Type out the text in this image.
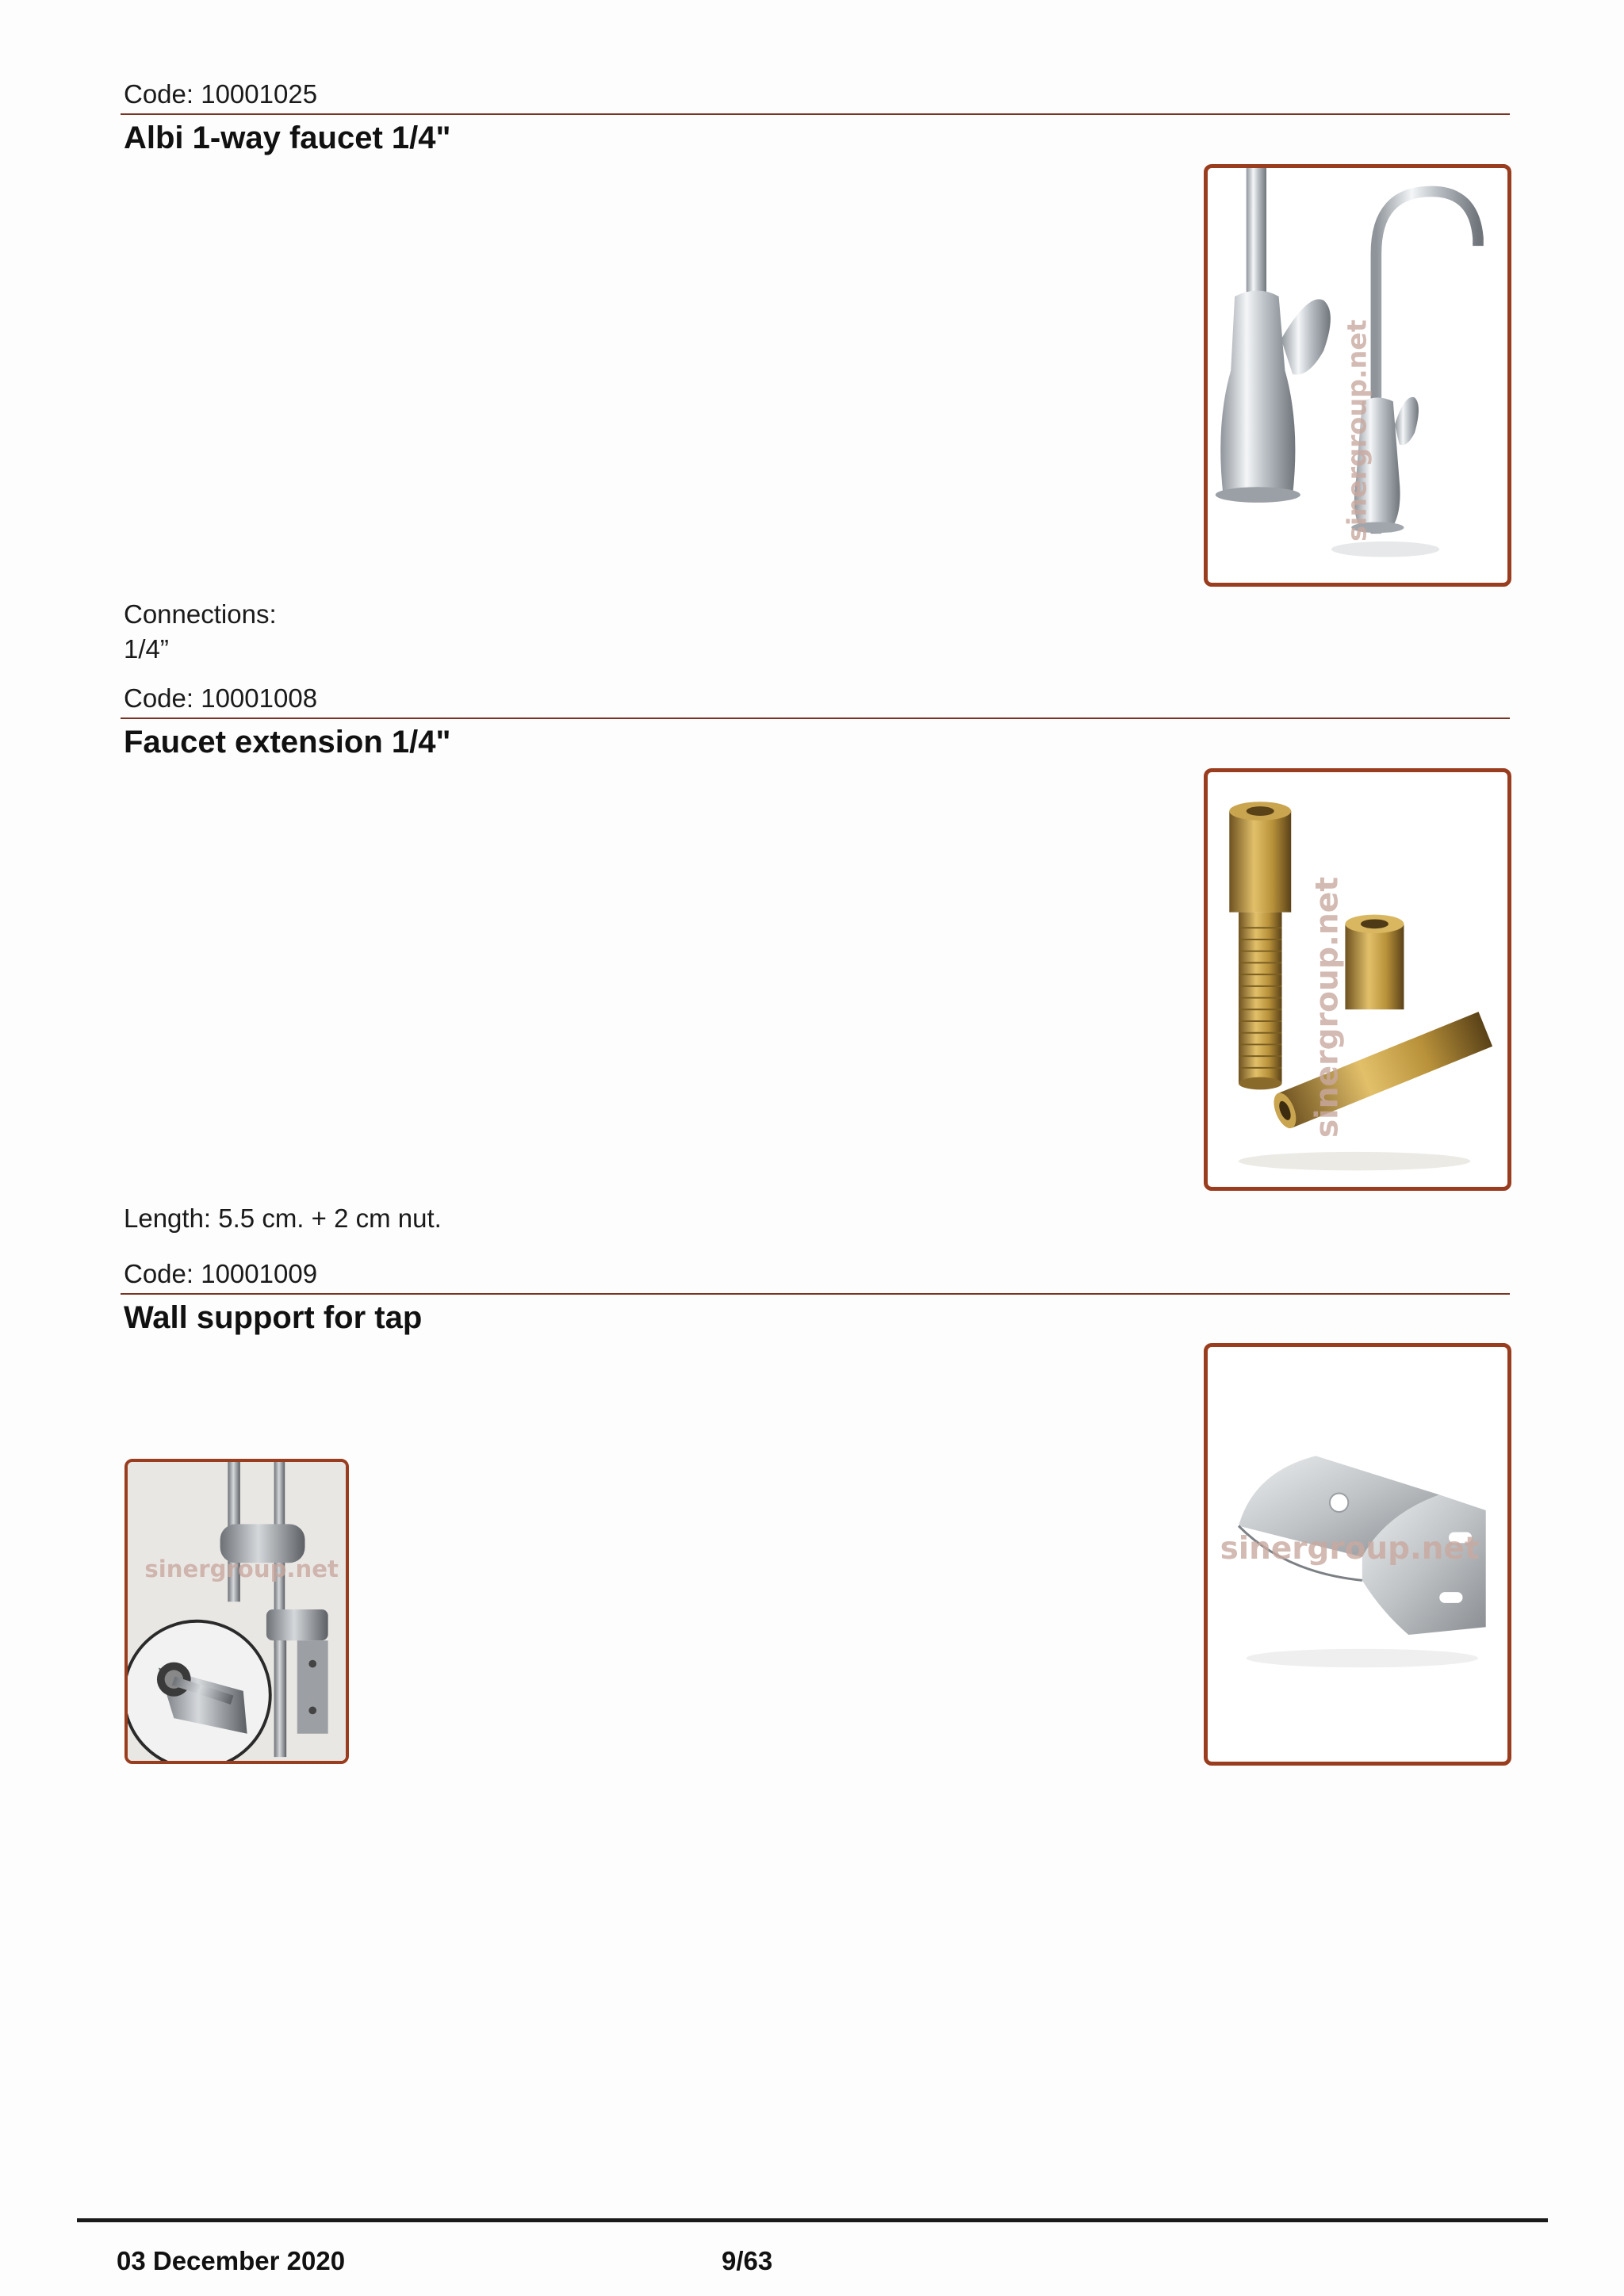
Code: 10001025
Albi 1-way faucet 1/4"
sinergroup.net
Connections:
1/4”
Code: 10001008
Faucet extension 1/4"
sinergroup.net
Length: 5.5 cm. + 2 cm nut.
Code: 10001009
Wall support for tap
sinergroup.net
sinergroup.net
03 December 2020	9/63
